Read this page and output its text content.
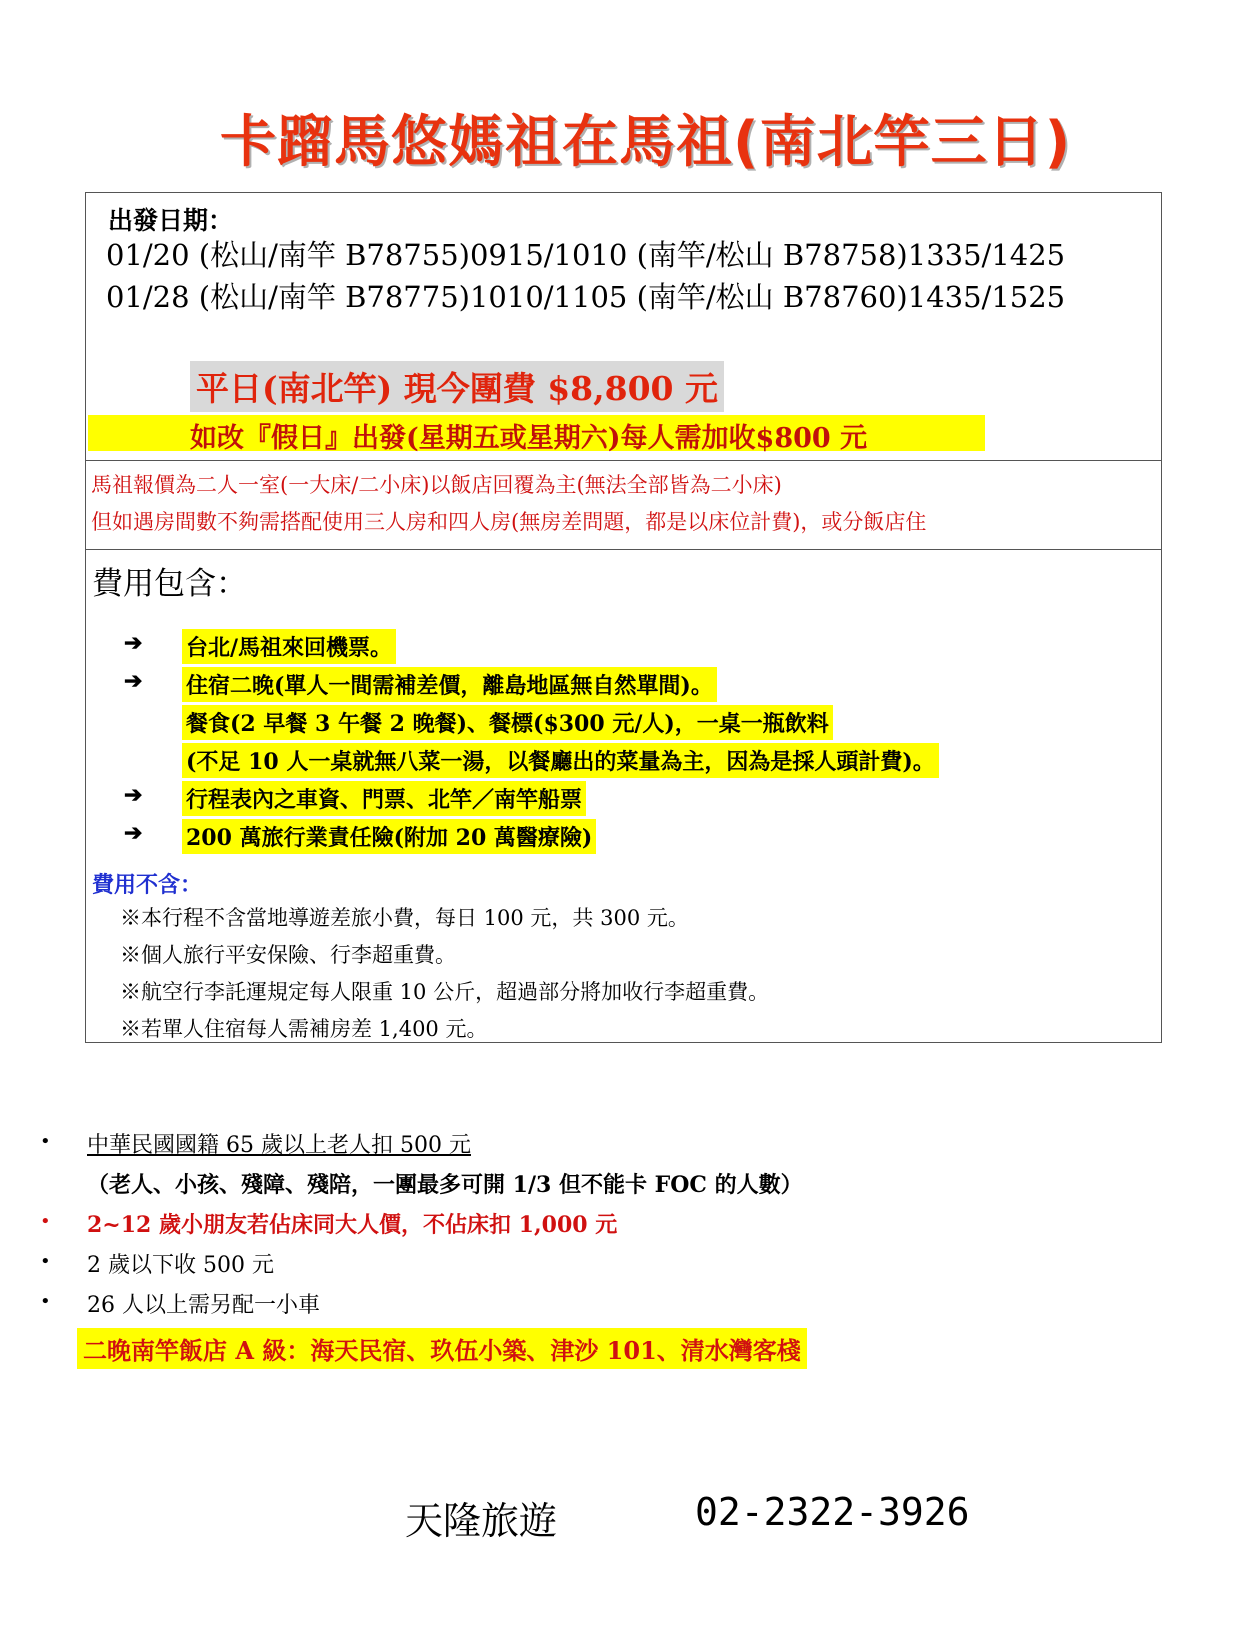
卡蹓馬悠媽祖在馬祖(南北竿三日)
出發日期：
01/20 (松山/南竿 B78755)0915/1010 (南竿/松山 B78758)1335/1425
01/28 (松山/南竿 B78775)1010/1105 (南竿/松山 B78760)1435/1525
平日(南北竿) 現今團費 $8,800 元
如改『假日』出發(星期五或星期六)每人需加收$800 元
馬祖報價為二人一室(一大床/二小床)以飯店回覆為主(無法全部皆為二小床)
但如遇房間數不夠需搭配使用三人房和四人房(無房差問題，都是以床位計費)，或分飯店住
費用包含：
➔ 台北/馬祖來回機票。
➔ 住宿二晚(單人一間需補差價，離島地區無自然單間)。
餐食(2 早餐 3 午餐 2 晚餐)、餐標($300 元/人)，一桌一瓶飲料
(不足 10 人一桌就無八菜一湯，以餐廳出的菜量為主，因為是採人頭計費)。
➔ 行程表內之車資、門票、北竿／南竿船票
➔ 200 萬旅行業責任險(附加 20 萬醫療險)
費用不含：
※本行程不含當地導遊差旅小費，每日 100 元，共 300 元。
※個人旅行平安保險、行李超重費。
※航空行李託運規定每人限重 10 公斤，超過部分將加收行李超重費。
※若單人住宿每人需補房差 1,400 元。
• 中華民國國籍 65 歲以上老人扣 500 元
（老人、小孩、殘障、殘陪，一團最多可開 1/3 但不能卡 FOC 的人數）
• 2~12 歲小朋友若佔床同大人價，不佔床扣 1,000 元
• 2 歲以下收 500 元
• 26 人以上需另配一小車
二晚南竿飯店 A 級：海天民宿、玖伍小築、津沙 101、清水灣客棧
天隆旅遊	02-2322-3926
